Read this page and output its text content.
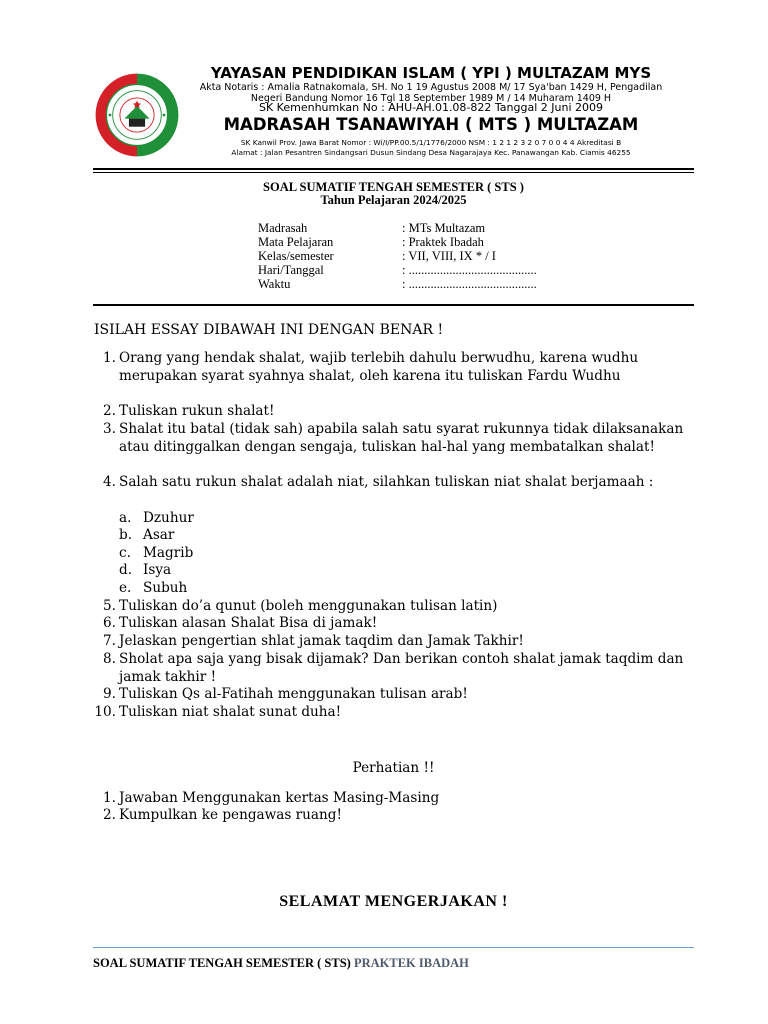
YAYASAN PENDIDIKAN ISLAM ( YPI ) MULTAZAM MYS
Akta Notaris : Amalia Ratnakomala, SH. No 1 19 Agustus 2008 M/ 17 Sya'ban 1429 H, Pengadilan
Negeri Bandung Nomor 16 Tgl 18 September 1989 M / 14 Muharam 1409 H
SK Kemenhumkan No : AHU-AH.01.08-822 Tanggal 2 Juni 2009
MADRASAH TSANAWIYAH ( MTS ) MULTAZAM
SK Kanwil Prov. Jawa Barat Nomor : Wi/I/PP.00.5/1/1776/2000 NSM : 1 2 1 2 3 2 0 7 0 0 4 4 Akreditasi B
Alamat : Jalan Pesantren Sindangsari Dusun Sindang Desa Nagarajaya Kec. Panawangan Kab. Ciamis 46255
SOAL SUMATIF TENGAH SEMESTER ( STS )
Tahun Pelajaran 2024/2025
Madrasah	: MTs Multazam
Mata Pelajaran	: Praktek Ibadah
Kelas/semester	: VII, VIII, IX * / I
Hari/Tanggal	: .........................................
Waktu	: .........................................
ISILAH ESSAY DIBAWAH INI DENGAN BENAR !
1. Orang yang hendak shalat, wajib terlebih dahulu berwudhu, karena wudhu merupakan syarat syahnya shalat, oleh karena itu tuliskan Fardu Wudhu
2. Tuliskan rukun shalat!
3. Shalat itu batal (tidak sah) apabila salah satu syarat rukunnya tidak dilaksanakan atau ditinggalkan dengan sengaja, tuliskan hal-hal yang membatalkan shalat!
4. Salah satu rukun shalat adalah niat, silahkan tuliskan niat shalat berjamaah :
a. Dzuhur
b. Asar
c. Magrib
d. Isya
e. Subuh
5. Tuliskan do’a qunut (boleh menggunakan tulisan latin)
6. Tuliskan alasan Shalat Bisa di jamak!
7. Jelaskan pengertian shlat jamak taqdim dan Jamak Takhir!
8. Sholat apa saja yang bisak dijamak? Dan berikan contoh shalat jamak taqdim dan jamak takhir !
9. Tuliskan Qs al-Fatihah menggunakan tulisan arab!
10. Tuliskan niat shalat sunat duha!
Perhatian !!
1. Jawaban Menggunakan kertas Masing-Masing
2. Kumpulkan ke pengawas ruang!
SELAMAT MENGERJAKAN !
SOAL SUMATIF TENGAH SEMESTER ( STS) PRAKTEK IBADAH
